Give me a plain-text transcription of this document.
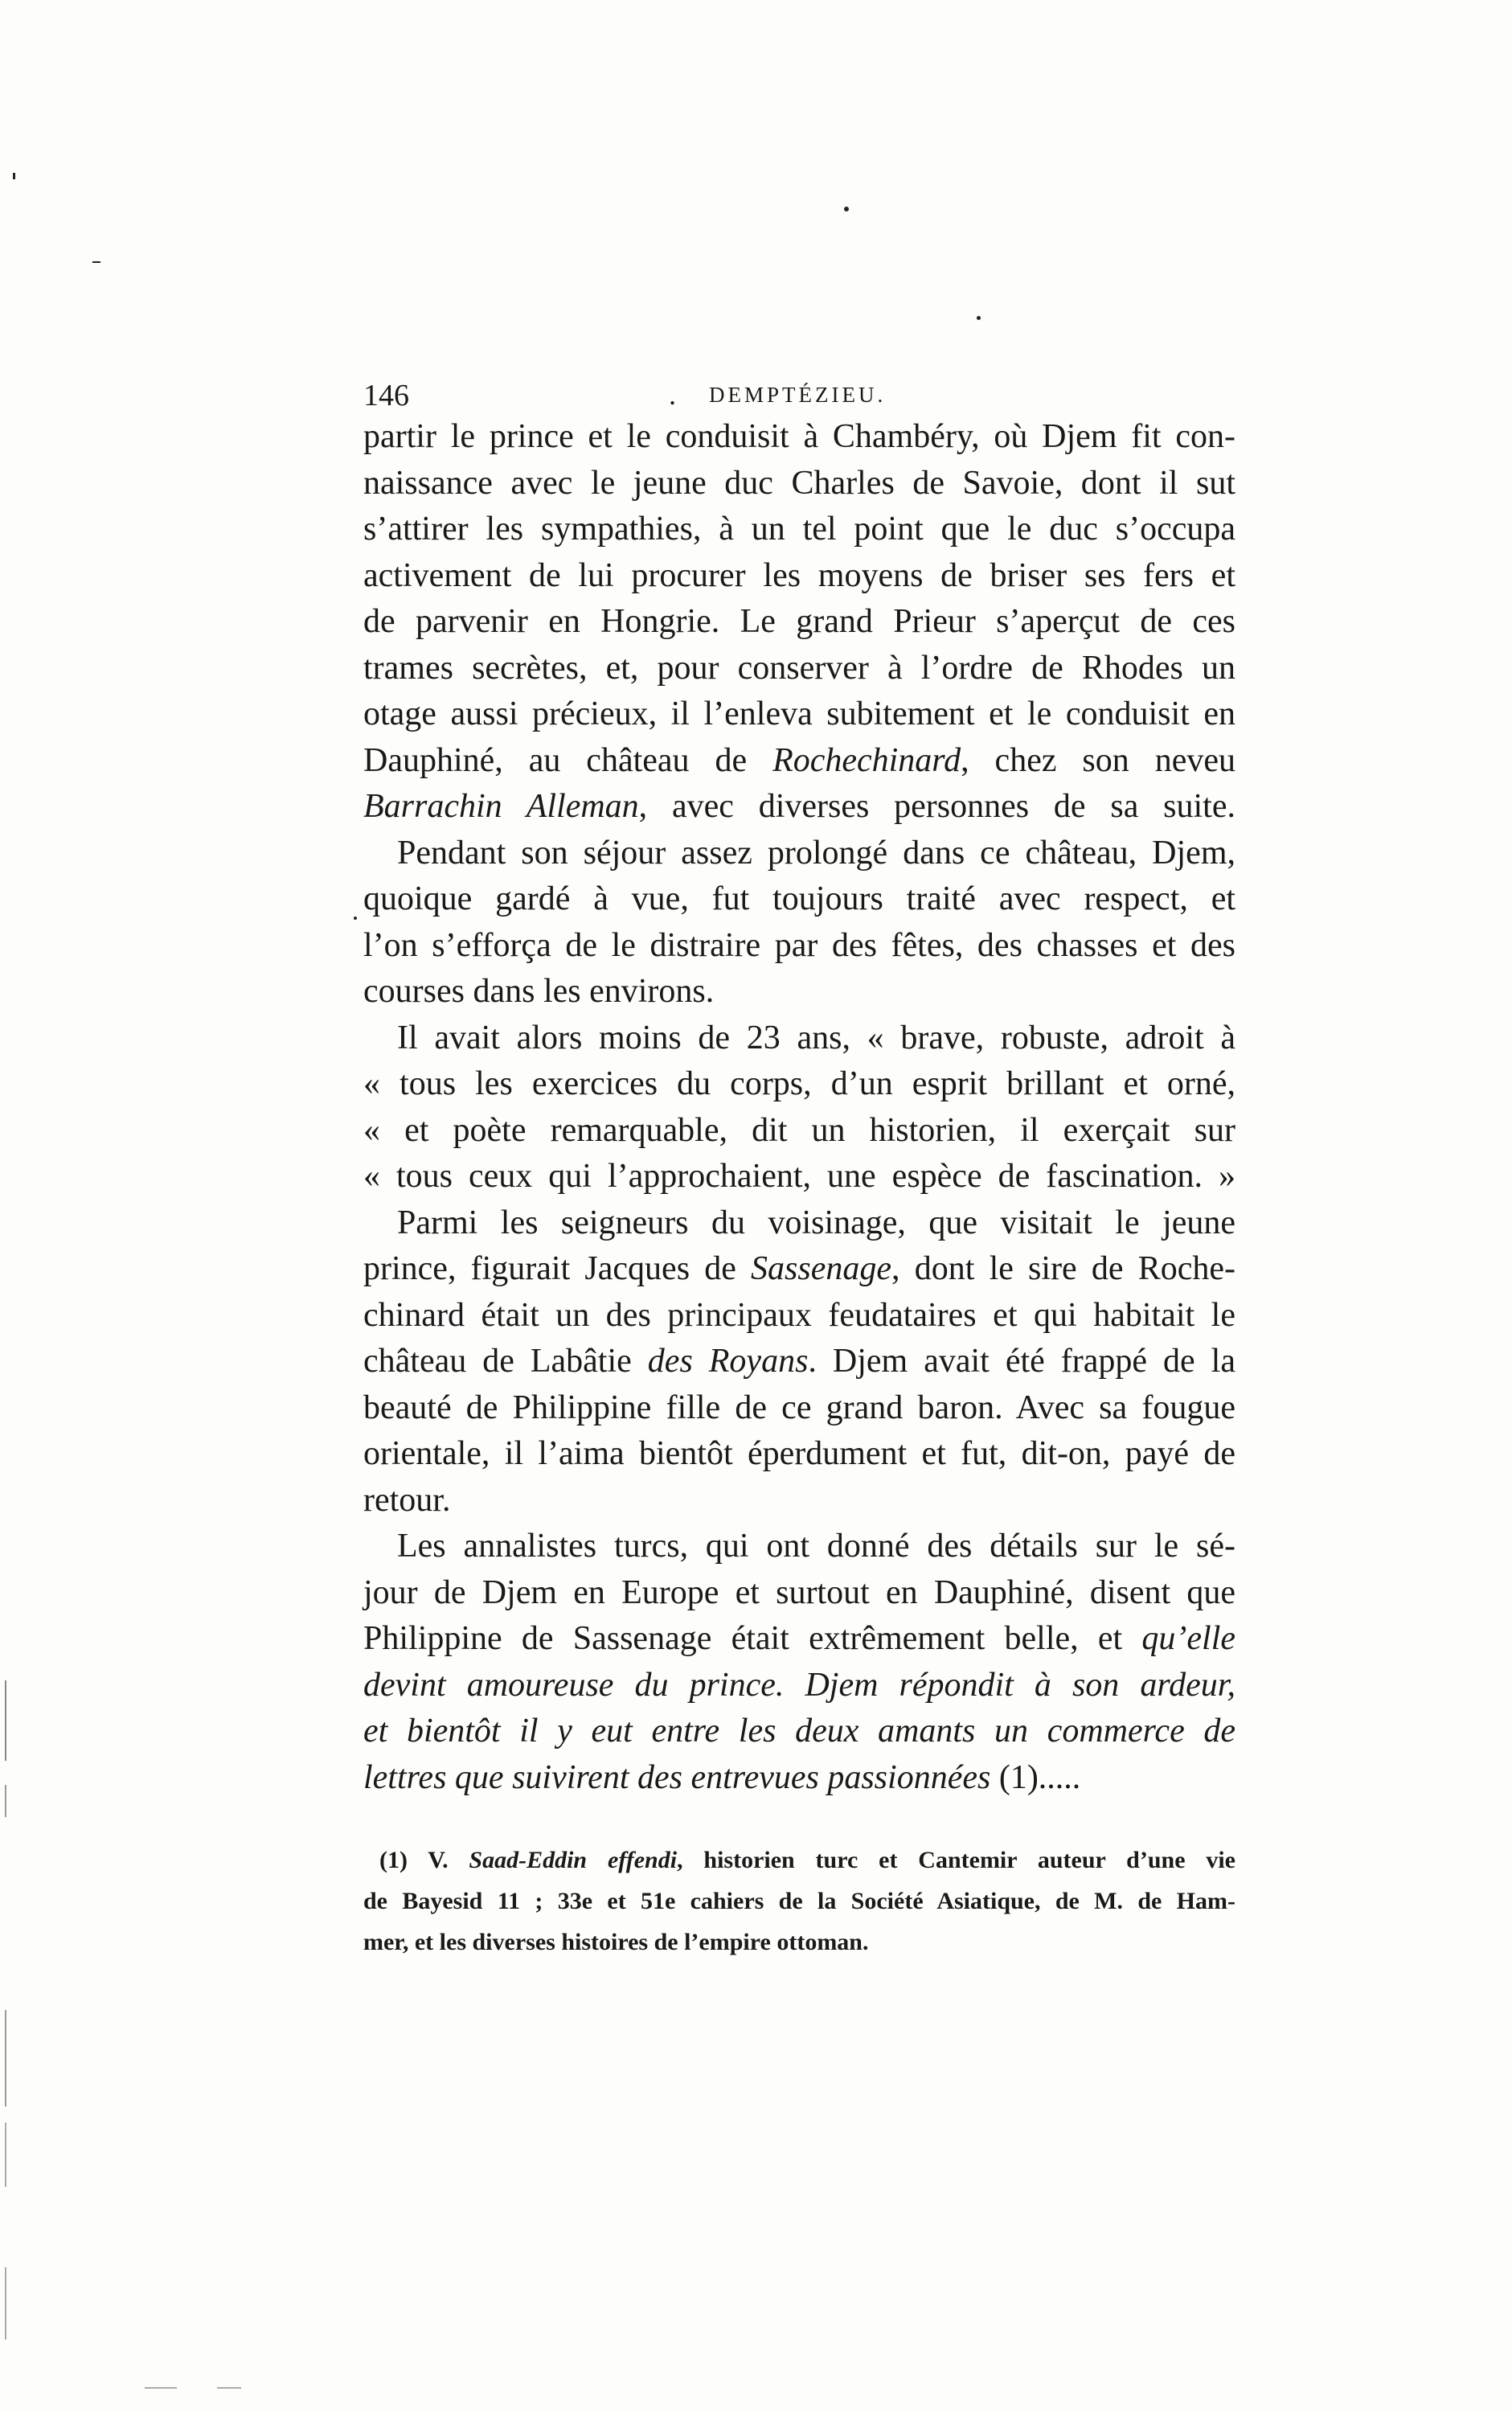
146	. DEMPTÉZIEU.
partir le prince et le conduisit à Chambéry, où Djem fit con-
naissance avec le jeune duc Charles de Savoie, dont il sut
s’attirer les sympathies, à un tel point que le duc s’occupa
activement de lui procurer les moyens de briser ses fers et
de parvenir en Hongrie. Le grand Prieur s’aperçut de ces
trames secrètes, et, pour conserver à l’ordre de Rhodes un
otage aussi précieux, il l’enleva subitement et le conduisit en
Dauphiné, au château de Rochechinard, chez son neveu
Barrachin Alleman, avec diverses personnes de sa suite.
Pendant son séjour assez prolongé dans ce château, Djem,
quoique gardé à vue, fut toujours traité avec respect, et
l’on s’efforça de le distraire par des fêtes, des chasses et des
courses dans les environs.
Il avait alors moins de 23 ans, « brave, robuste, adroit à
« tous les exercices du corps, d’un esprit brillant et orné,
« et poète remarquable, dit un historien, il exerçait sur
« tous ceux qui l’approchaient, une espèce de fascination. »
Parmi les seigneurs du voisinage, que visitait le jeune
prince, figurait Jacques de Sassenage, dont le sire de Roche-
chinard était un des principaux feudataires et qui habitait le
château de Labâtie des Royans. Djem avait été frappé de la
beauté de Philippine fille de ce grand baron. Avec sa fougue
orientale, il l’aima bientôt éperdument et fut, dit-on, payé de
retour.
Les annalistes turcs, qui ont donné des détails sur le sé-
jour de Djem en Europe et surtout en Dauphiné, disent que
Philippine de Sassenage était extrêmement belle, et qu’elle
devint amoureuse du prince. Djem répondit à son ardeur,
et bientôt il y eut entre les deux amants un commerce de
lettres que suivirent des entrevues passionnées (1).....
(1) V. Saad-Eddin effendi, historien turc et Cantemir auteur d’une vie
de Bayesid 11 ; 33e et 51e cahiers de la Société Asiatique, de M. de Ham-
mer, et les diverses histoires de l’empire ottoman.
